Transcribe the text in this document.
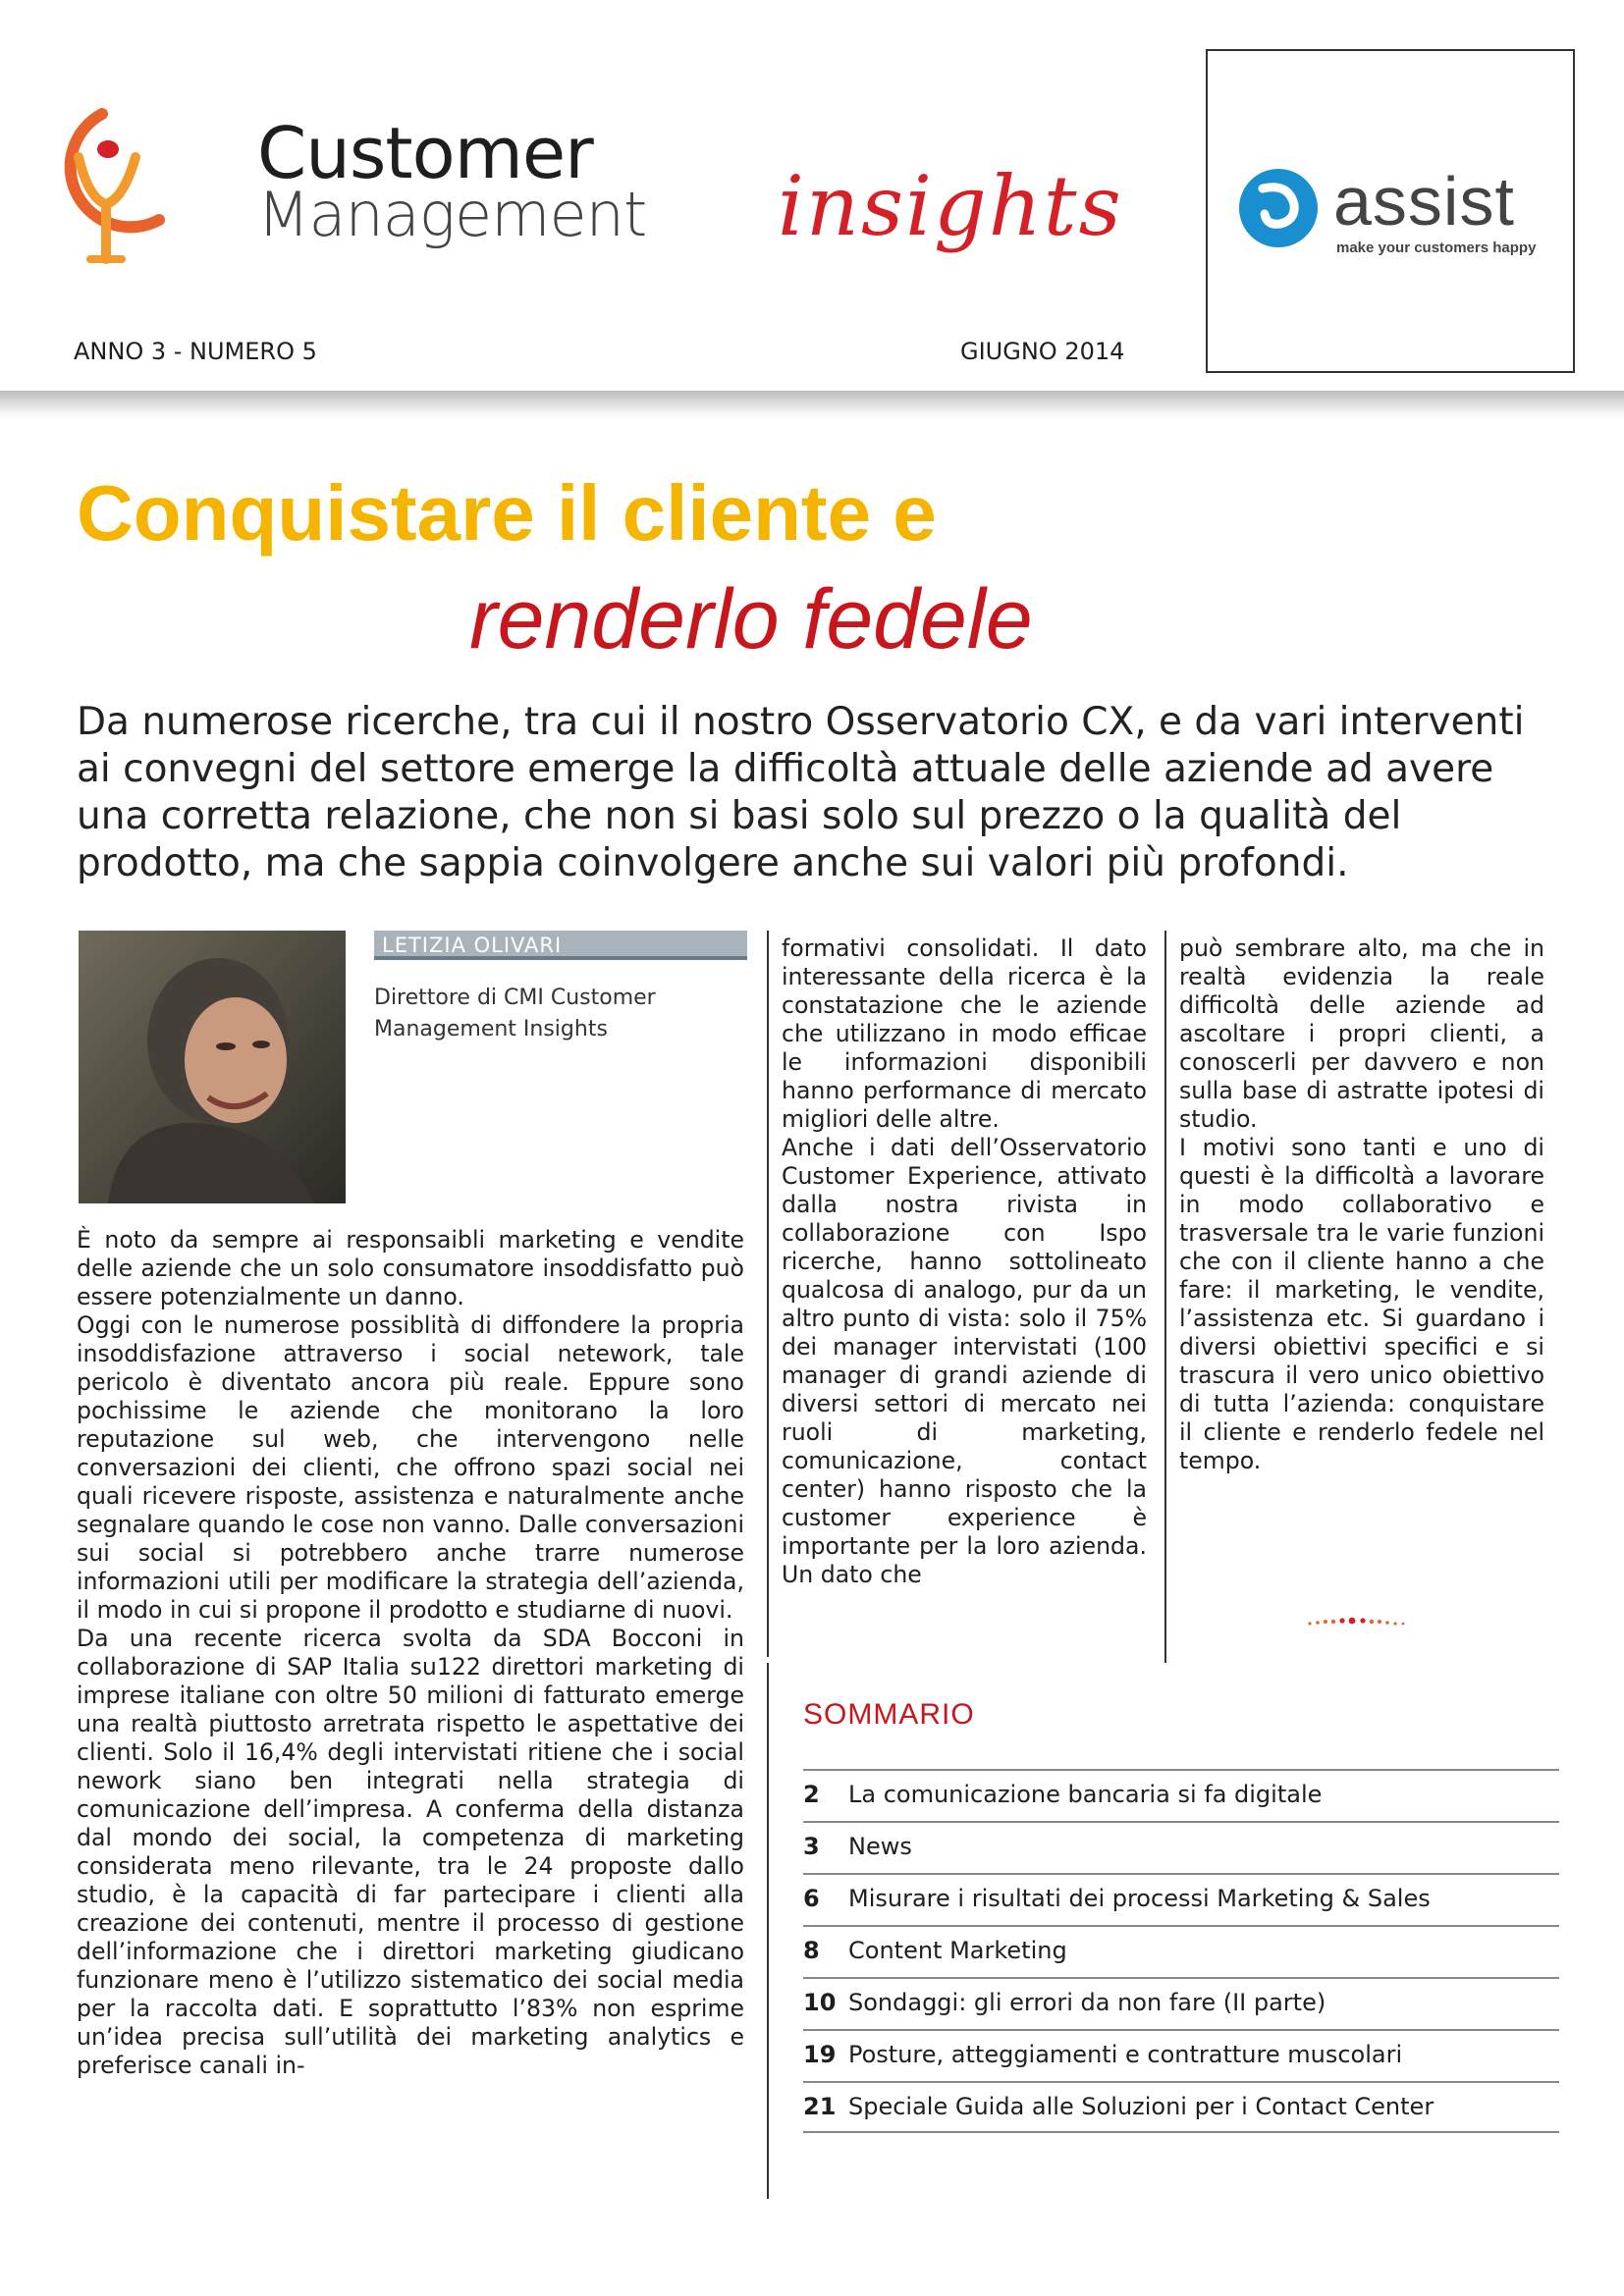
Customer
Management insights
ANNO 3 - NUMERO 5	GIUGNO 2014
assist
make your customers happy
Conquistare il cliente e
renderlo fedele
Da numerose ricerche, tra cui il nostro Osservatorio CX, e da vari interventi ai convegni del settore emerge la difficoltà attuale delle aziende ad avere una corretta relazione, che non si basi solo sul prezzo o la qualità del prodotto, ma che sappia coinvolgere anche sui valori più profondi.
LETIZIA OLIVARI
Direttore di CMI Customer Management Insights

È noto da sempre ai responsaibli marketing e vendite delle aziende che un solo consumatore insoddisfatto può essere potenzialmente un danno.

Oggi con le numerose possiblità di diffondere la propria insoddisfazione attraverso i social netework, tale pericolo è diventato ancora più reale. Eppure sono pochissime le aziende che monitorano la loro reputazione sul web, che intervengono nelle conversazioni dei clienti, che offrono spazi social nei quali ricevere risposte, assistenza e naturalmente anche segnalare quando le cose non vanno. Dalle conversazioni sui social si potrebbero anche trarre numerose informazioni utili per modificare la strategia dell’azienda, il modo in cui si propone il prodotto e studiarne di nuovi.

Da una recente ricerca svolta da SDA Bocconi in collaborazione di SAP Italia su122 direttori marketing di imprese italiane con oltre 50 milioni di fatturato emerge una realtà piuttosto arretrata rispetto le aspettative dei clienti. Solo il 16,4% degli intervistati ritiene che i social nework siano ben integrati nella strategia di comunicazione dell’impresa. A conferma della distanza dal mondo dei social, la competenza di marketing considerata meno rilevante, tra le 24 proposte dallo studio, è la capacità di far partecipare i clienti alla creazione dei contenuti, mentre il processo di gestione dell’informazione che i direttori marketing giudicano funzionare meno è l’utilizzo sistematico dei social media per la raccolta dati. E soprattutto l’83% non esprime un’idea precisa sull’utilità dei marketing analytics e preferisce canali in-

formativi consolidati. Il dato interessante della ricerca è la constatazione che le aziende che utilizzano in modo efficae le informazioni disponibili hanno performance di mercato migliori delle altre.

Anche i dati dell’Osservatorio Customer Experience, attivato dalla nostra rivista in collaborazione con Ispo ricerche, hanno sottolineato qualcosa di analogo, pur da un altro punto di vista: solo il 75% dei manager intervistati (100 manager di grandi aziende di diversi settori di mercato nei ruoli di marketing, comunicazione, contact center) hanno risposto che la customer experience è importante per la loro azienda. Un dato che

può sembrare alto, ma che in realtà evidenzia la reale difficoltà delle aziende ad ascoltare i propri clienti, a conoscerli per davvero e non sulla base di astratte ipotesi di studio.

I motivi sono tanti e uno di questi è la difficoltà a lavorare in modo collaborativo e trasversale tra le varie funzioni che con il cliente hanno a che fare: il marketing, le vendite, l’assistenza etc. Si guardano i diversi obiettivi specifici e si trascura il vero unico obiettivo di tutta l’azienda: conquistare il cliente e renderlo fedele nel tempo.

SOMMARIO
2	La comunicazione bancaria si fa digitale
3	News
6	Misurare i risultati dei processi Marketing & Sales
8	Content Marketing
10 Sondaggi: gli errori da non fare (II parte)
19 Posture, atteggiamenti e contratture muscolari
21 Speciale Guida alle Soluzioni per i Contact Center
